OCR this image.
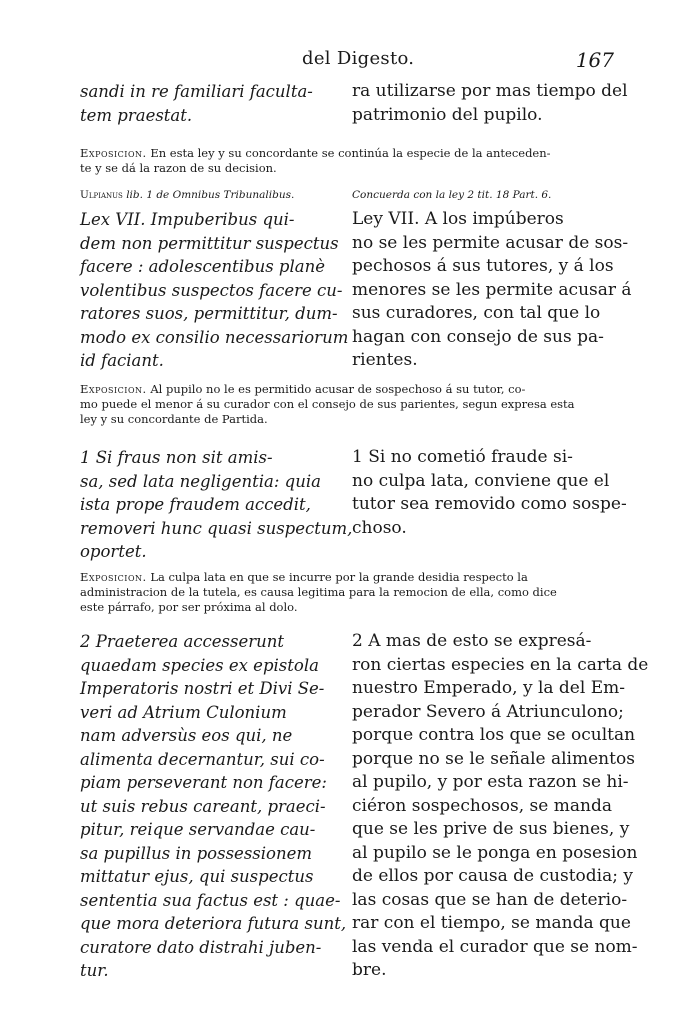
del Digesto.	167
sandi in re familiari faculta-
tem praestat.
ra utilizarse por mas tiempo del
patrimonio del pupilo.
Exposicion. En esta ley y su concordante se continúa la especie de la anteceden-
te y se dá la razon de su decision.
Ulpianus lib. 1 de Omnibus Tribunalibus.	Concuerda con la ley 2 tit. 18 Part. 6.
Lex VII. Impuberibus qui-
dem non permittitur suspectus
facere : adolescentibus planè
volentibus suspectos facere cu-
ratores suos, permittitur, dum-
modo ex consilio necessariorum
id faciant.
Ley VII. A los impúberos
no se les permite acusar de sos-
pechosos á sus tutores, y á los
menores se les permite acusar á
sus curadores, con tal que lo
hagan con consejo de sus pa-
rientes.
Exposicion. Al pupilo no le es permitido acusar de sospechoso á su tutor, co-
mo puede el menor á su curador con el consejo de sus parientes, segun expresa esta
ley y su concordante de Partida.
1 Si fraus non sit amis-
sa, sed lata negligentia: quia
ista prope fraudem accedit,
removeri hunc quasi suspectum,
oportet.
1 Si no cometió fraude si-
no culpa lata, conviene que el
tutor sea removido como sospe-
choso.
Exposicion. La culpa lata en que se incurre por la grande desidia respecto la
administracion de la tutela, es causa legitima para la remocion de ella, como dice
este párrafo, por ser próxima al dolo.
2 Praeterea accesserunt
quaedam species ex epistola
Imperatoris nostri et Divi Se-
veri ad Atrium Culonium
nam adversùs eos qui, ne
alimenta decernantur, sui co-
piam perseverant non facere:
ut suis rebus careant, praeci-
pitur, reique servandae cau-
sa pupillus in possessionem
mittatur ejus, qui suspectus
sententia sua factus est : quae-
que mora deteriora futura sunt,
curatore dato distrahi juben-
tur.
2 A mas de esto se expresá-
ron ciertas especies en la carta de
nuestro Emperado, y la del Em-
perador Severo á Atriunculono;
porque contra los que se ocultan
porque no se le señale alimentos
al pupilo, y por esta razon se hi-
ciéron sospechosos, se manda
que se les prive de sus bienes, y
al pupilo se le ponga en posesion
de ellos por causa de custodia; y
las cosas que se han de deterio-
rar con el tiempo, se manda que
las venda el curador que se nom-
bre.
